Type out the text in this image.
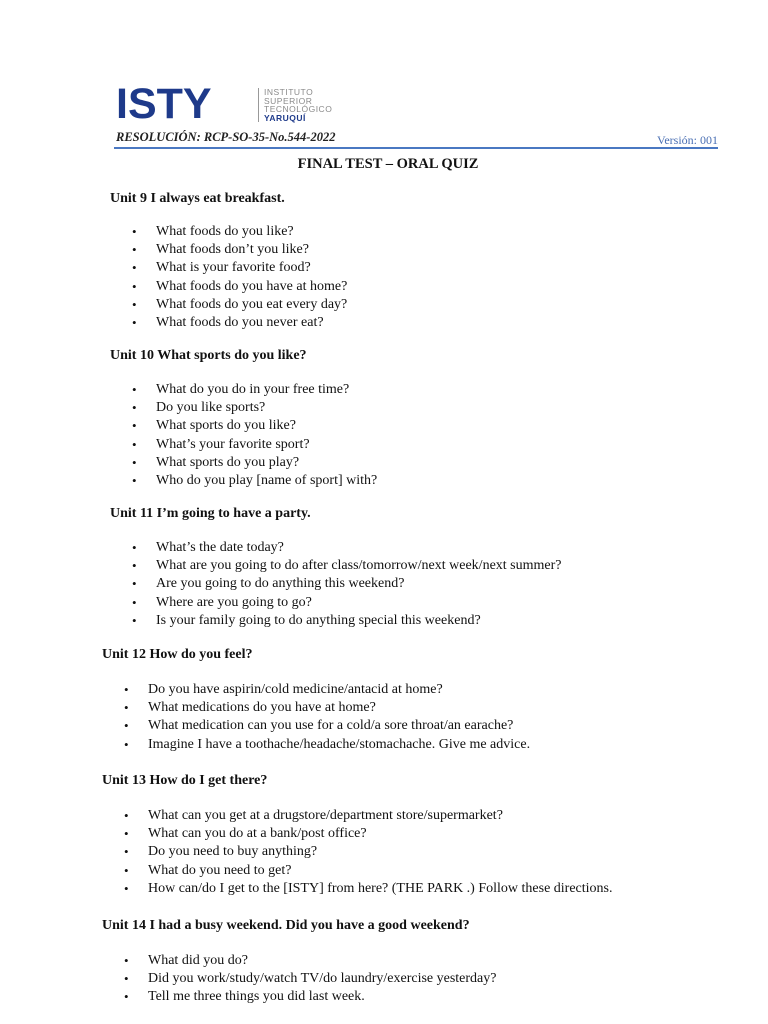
ISTY	INSTITUTO
SUPERIOR
TECNOLÓGICO
YARUQUÍ
RESOLUCIÓN: RCP-SO-35-No.544-2022	Versión: 001
FINAL TEST – ORAL QUIZ
Unit 9 I always eat breakfast.
• What foods do you like?
• What foods don’t you like?
• What is your favorite food?
• What foods do you have at home?
• What foods do you eat every day?
• What foods do you never eat?
Unit 10 What sports do you like?
• What do you do in your free time?
• Do you like sports?
• What sports do you like?
• What’s your favorite sport?
• What sports do you play?
• Who do you play [name of sport] with?
Unit 11 I’m going to have a party.
• What’s the date today?
• What are you going to do after class/tomorrow/next week/next summer?
• Are you going to do anything this weekend?
• Where are you going to go?
• Is your family going to do anything special this weekend?
Unit 12 How do you feel?
• Do you have aspirin/cold medicine/antacid at home?
• What medications do you have at home?
• What medication can you use for a cold/a sore throat/an earache?
• Imagine I have a toothache/headache/stomachache. Give me advice.
Unit 13 How do I get there?
• What can you get at a drugstore/department store/supermarket?
• What can you do at a bank/post office?
• Do you need to buy anything?
• What do you need to get?
• How can/do I get to the [ISTY] from here? (THE PARK .) Follow these directions.
Unit 14 I had a busy weekend. Did you have a good weekend?
• What did you do?
• Did you work/study/watch TV/do laundry/exercise yesterday?
• Tell me three things you did last week.
